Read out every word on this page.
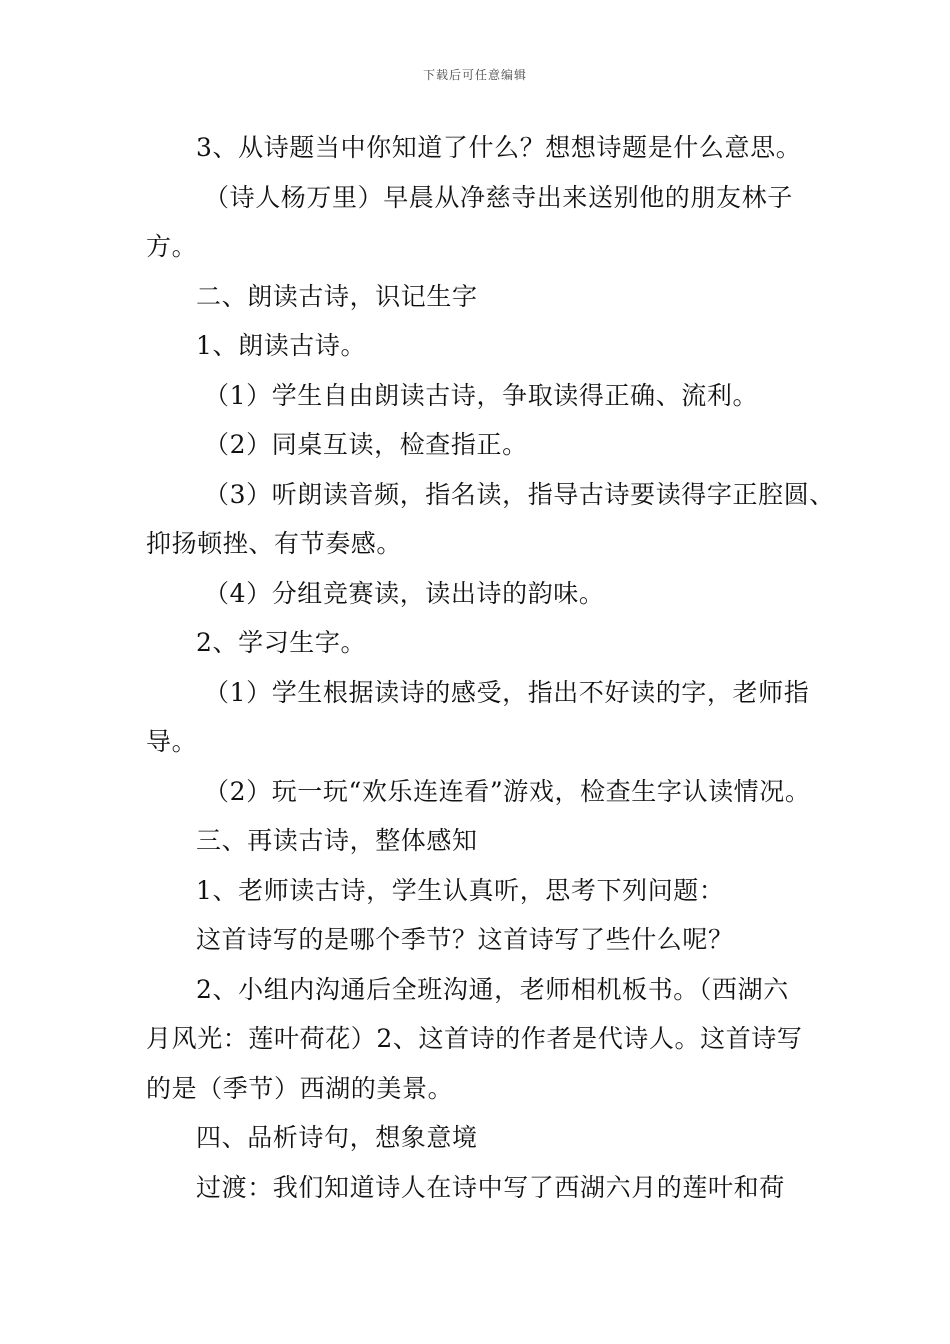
下载后可任意编辑
3、从诗题当中你知道了什么？想想诗题是什么意思。
（诗人杨万里）早晨从净慈寺出来送别他的朋友林子
方。
二、朗读古诗，识记生字
1、朗读古诗。
（1）学生自由朗读古诗，争取读得正确、流利。
（2）同桌互读，检查指正。
（3）听朗读音频，指名读，指导古诗要读得字正腔圆、
抑扬顿挫、有节奏感。
（4）分组竞赛读，读出诗的韵味。
2、学习生字。
（1）学生根据读诗的感受，指出不好读的字，老师指
导。
（2）玩一玩“欢乐连连看”游戏，检查生字认读情况。
三、再读古诗，整体感知
1、老师读古诗，学生认真听，思考下列问题：
这首诗写的是哪个季节？这首诗写了些什么呢？
2、小组内沟通后全班沟通，老师相机板书。（西湖六
月风光：莲叶荷花）2、这首诗的作者是代诗人。这首诗写
的是（季节）西湖的美景。
四、品析诗句，想象意境
过渡：我们知道诗人在诗中写了西湖六月的莲叶和荷
